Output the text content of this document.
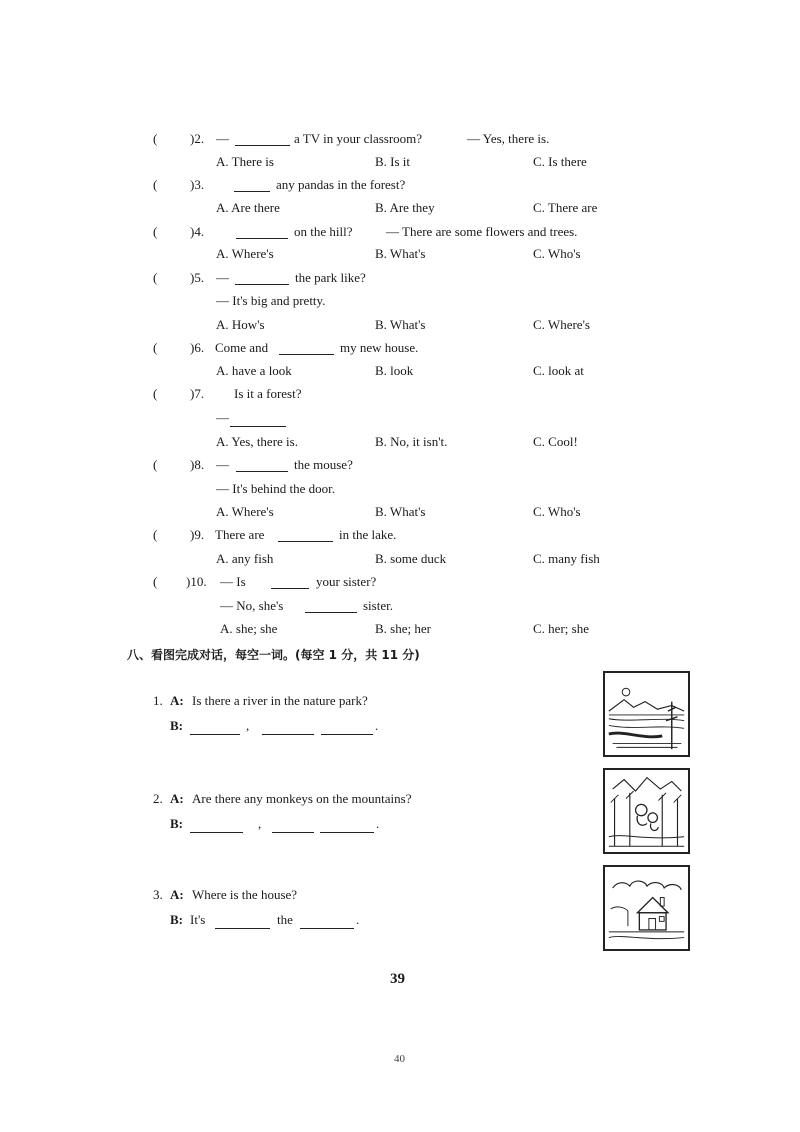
(	)2. —	a TV in your classroom?	— Yes, there is.
A. There is	B. Is it	C. Is there
(	)3.	any pandas in the forest?
A. Are there	B. Are they	C. There are
(	)4.	on the hill?	— There are some flowers and trees.
A. Where's	B. What's	C. Who's
(	)5. —	the park like?
— It's big and pretty.
A. How's	B. What's	C. Where's
(	)6. Come and	my new house.
A. have a look	B. look	C. look at
(	)7. Is it a forest?
—
A. Yes, there is.	B. No, it isn't.	C. Cool!
(	)8. —	the mouse?
— It's behind the door.
A. Where's	B. What's	C. Who's
(	)9. There are	in the lake.
A. any fish	B. some duck	C. many fish
( )10. — Is	your sister?
— No, she's	sister.
A. she; she	B. she; her	C. her; she
八、看图完成对话，每空一词。(每空 1 分，共 11 分)
1. A: Is there a river in the nature park?
B:	,	.
2. A: Are there any monkeys on the mountains?
B:	,	.
3. A: Where is the house?
B: It's	the	.
39
40
